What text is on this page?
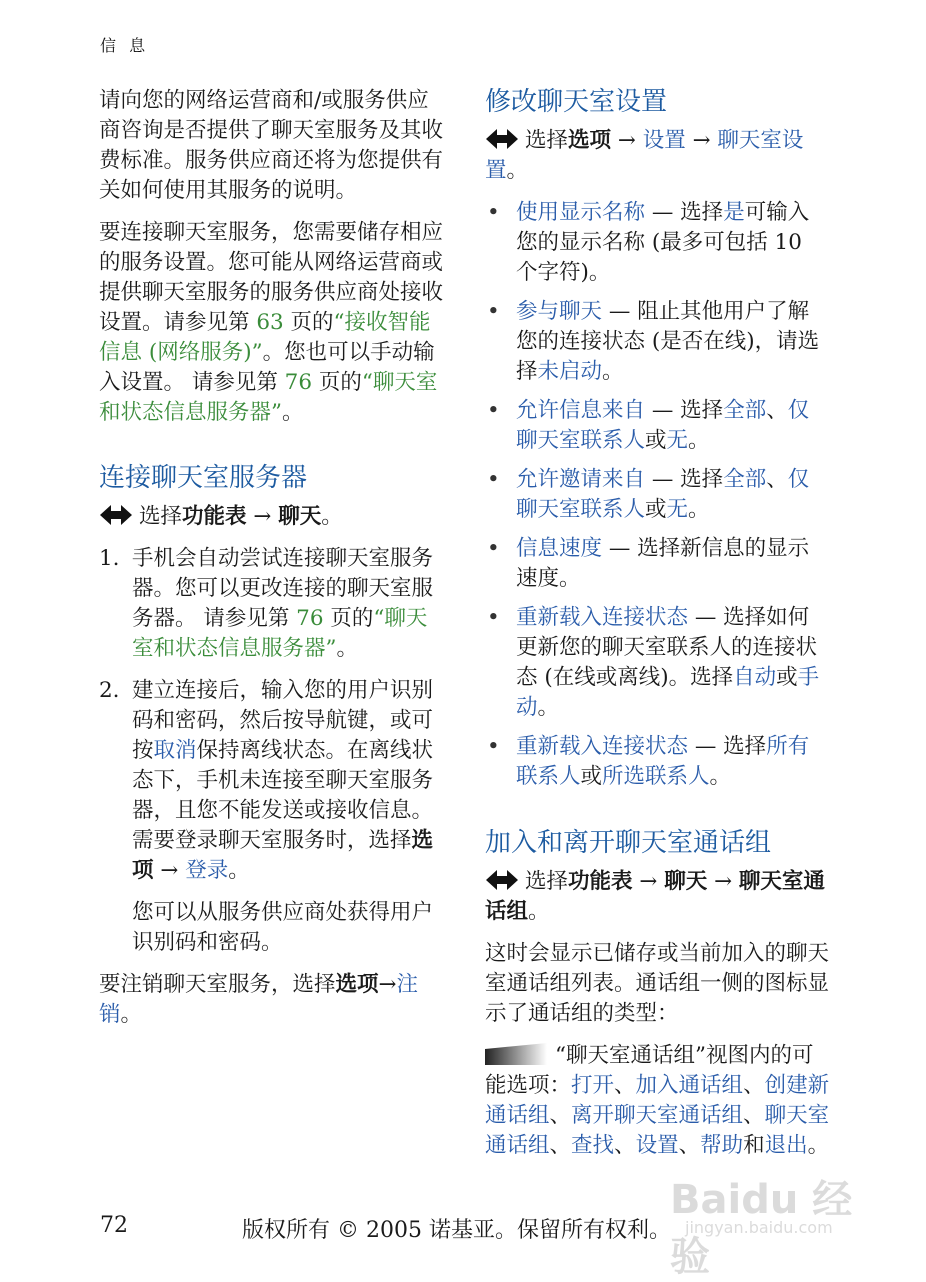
信 息

请向您的网络运营商和/或服务供应商咨询是否提供了聊天室服务及其收费标准。服务供应商还将为您提供有关如何使用其服务的说明。

要连接聊天室服务，您需要储存相应的服务设置。您可能从网络运营商或提供聊天室服务的服务供应商处接收设置。请参见第 63 页的“接收智能信息 (网络服务)”。您也可以手动输入设置。 请参见第 76 页的“聊天室和状态信息服务器”。

连接聊天室服务器

选择功能表 → 聊天。

1. 手机会自动尝试连接聊天室服务器。您可以更改连接的聊天室服务器。 请参见第 76 页的“聊天室和状态信息服务器”。

2. 建立连接后，输入您的用户识别码和密码，然后按导航键，或可按取消保持离线状态。在离线状态下，手机未连接至聊天室服务器，且您不能发送或接收信息。需要登录聊天室服务时，选择选项 → 登录。

您可以从服务供应商处获得用户识别码和密码。

要注销聊天室服务，选择选项→注销。

修改聊天室设置

选择选项 → 设置 → 聊天室设置。

• 使用显示名称 — 选择是可输入您的显示名称 (最多可包括 10 个字符)。
• 参与聊天 — 阻止其他用户了解您的连接状态 (是否在线)，请选择未启动。
• 允许信息来自 — 选择全部、仅聊天室联系人或无。
• 允许邀请来自 — 选择全部、仅聊天室联系人或无。
• 信息速度 — 选择新信息的显示速度。
• 重新载入连接状态 — 选择如何更新您的聊天室联系人的连接状态 (在线或离线)。选择自动或手动。
• 重新载入连接状态 — 选择所有联系人或所选联系人。
加入和离开聊天室通话组

选择功能表 → 聊天 → 聊天室通话组。

这时会显示已储存或当前加入的聊天室通话组列表。通话组一侧的图标显示了通话组的类型：

“聊天室通话组”视图内的可能选项：打开、加入通话组、创建新通话组、离开聊天室通话组、聊天室通话组、查找、设置、帮助和退出。

Baidu 经验
jingyan.baidu.com
72	版权所有 © 2005 诺基亚。保留所有权利。
